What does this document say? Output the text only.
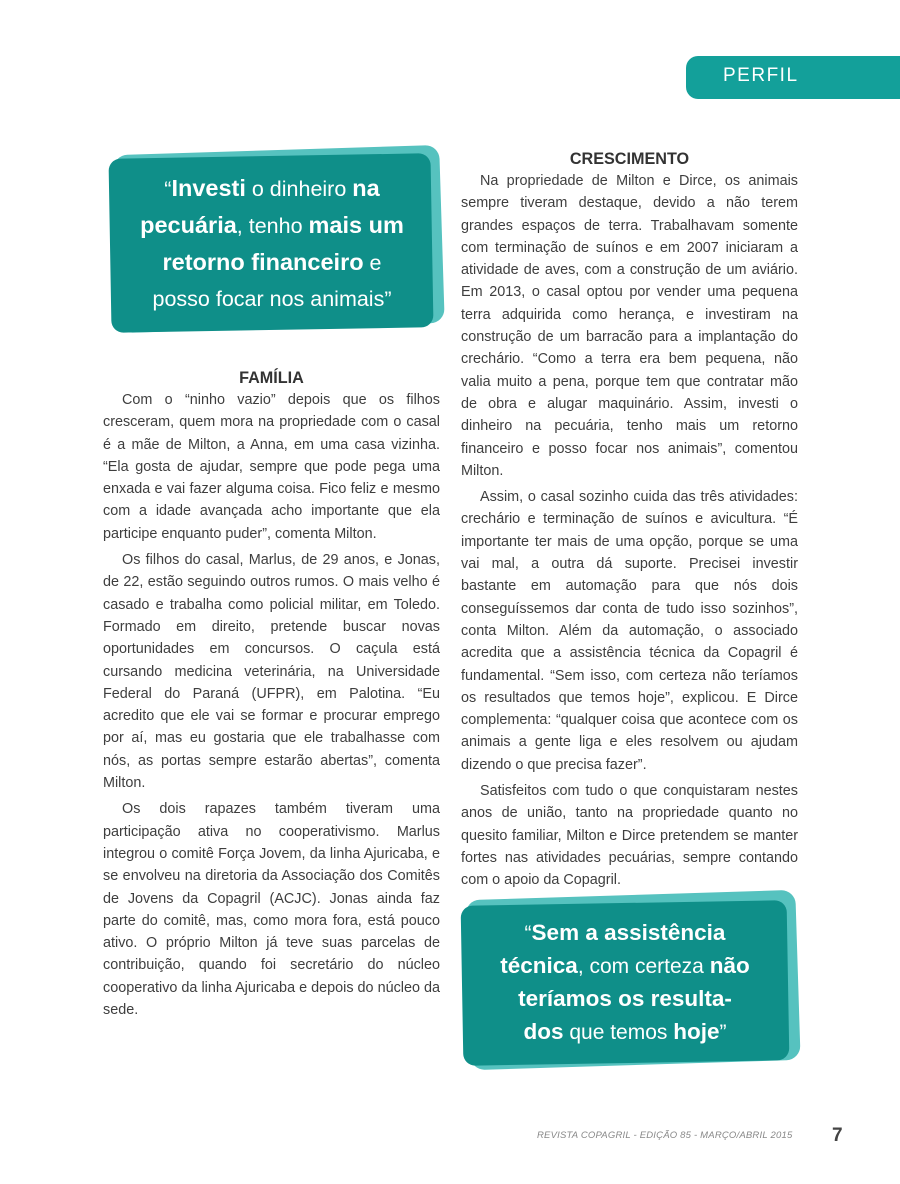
PERFIL
“Investi o dinheiro na
pecuária, tenho mais um
retorno financeiro e
posso focar nos animais”
FAMÍLIA

Com o “ninho vazio” depois que os filhos cresceram, quem mora na propriedade com o casal é a mãe de Milton, a Anna, em uma casa vizinha. “Ela gosta de ajudar, sempre que pode pega uma enxada e vai fazer alguma coisa. Fico feliz e mesmo com a idade avançada acho importante que ela participe enquanto puder”, comenta Milton.

Os filhos do casal, Marlus, de 29 anos, e Jonas, de 22, estão seguindo outros rumos. O mais velho é casado e trabalha como policial militar, em Toledo. Formado em direito, pretende buscar novas oportunidades em concursos. O caçula está cursando medicina veterinária, na Universidade Federal do Paraná (UFPR), em Palotina. “Eu acredito que ele vai se formar e procurar emprego por aí, mas eu gostaria que ele trabalhasse com nós, as portas sempre estarão abertas”, comenta Milton.

Os dois rapazes também tiveram uma participação ativa no cooperativismo. Marlus integrou o comitê Força Jovem, da linha Ajuricaba, e se envolveu na diretoria da Associação dos Comitês de Jovens da Copagril (ACJC). Jonas ainda faz parte do comitê, mas, como mora fora, está pouco ativo. O próprio Milton já teve suas parcelas de contribuição, quando foi secretário do núcleo cooperativo da linha Ajuricaba e depois do núcleo da sede.

CRESCIMENTO

Na propriedade de Milton e Dirce, os animais sempre tiveram destaque, devido a não terem grandes espaços de terra. Trabalhavam somente com terminação de suínos e em 2007 iniciaram a atividade de aves, com a construção de um aviário. Em 2013, o casal optou por vender uma pequena terra adquirida como herança, e investiram na construção de um barracão para a implantação do crechário. “Como a terra era bem pequena, não valia muito a pena, porque tem que contratar mão de obra e alugar maquinário. Assim, investi o dinheiro na pecuária, tenho mais um retorno financeiro e posso focar nos animais”, comentou Milton.

Assim, o casal sozinho cuida das três atividades: crechário e terminação de suínos e avicultura. “É importante ter mais de uma opção, porque se uma vai mal, a outra dá suporte. Precisei investir bastante em automação para que nós dois conseguíssemos dar conta de tudo isso sozinhos”, conta Milton. Além da automação, o associado acredita que a assistência técnica da Copagril é fundamental. “Sem isso, com certeza não teríamos os resultados que temos hoje”, explicou. E Dirce complementa: “qualquer coisa que acontece com os animais a gente liga e eles resolvem ou ajudam dizendo o que precisa fazer”.

Satisfeitos com tudo o que conquistaram nestes anos de união, tanto na propriedade quanto no quesito familiar, Milton e Dirce pretendem se manter fortes nas atividades pecuárias, sempre contando com o apoio da Copagril.

“Sem a assistência
técnica, com certeza não
teríamos os resulta-
dos que temos hoje”
REVISTA COPAGRIL - EDIÇÃO 85 - MARÇO/ABRIL 2015 7
